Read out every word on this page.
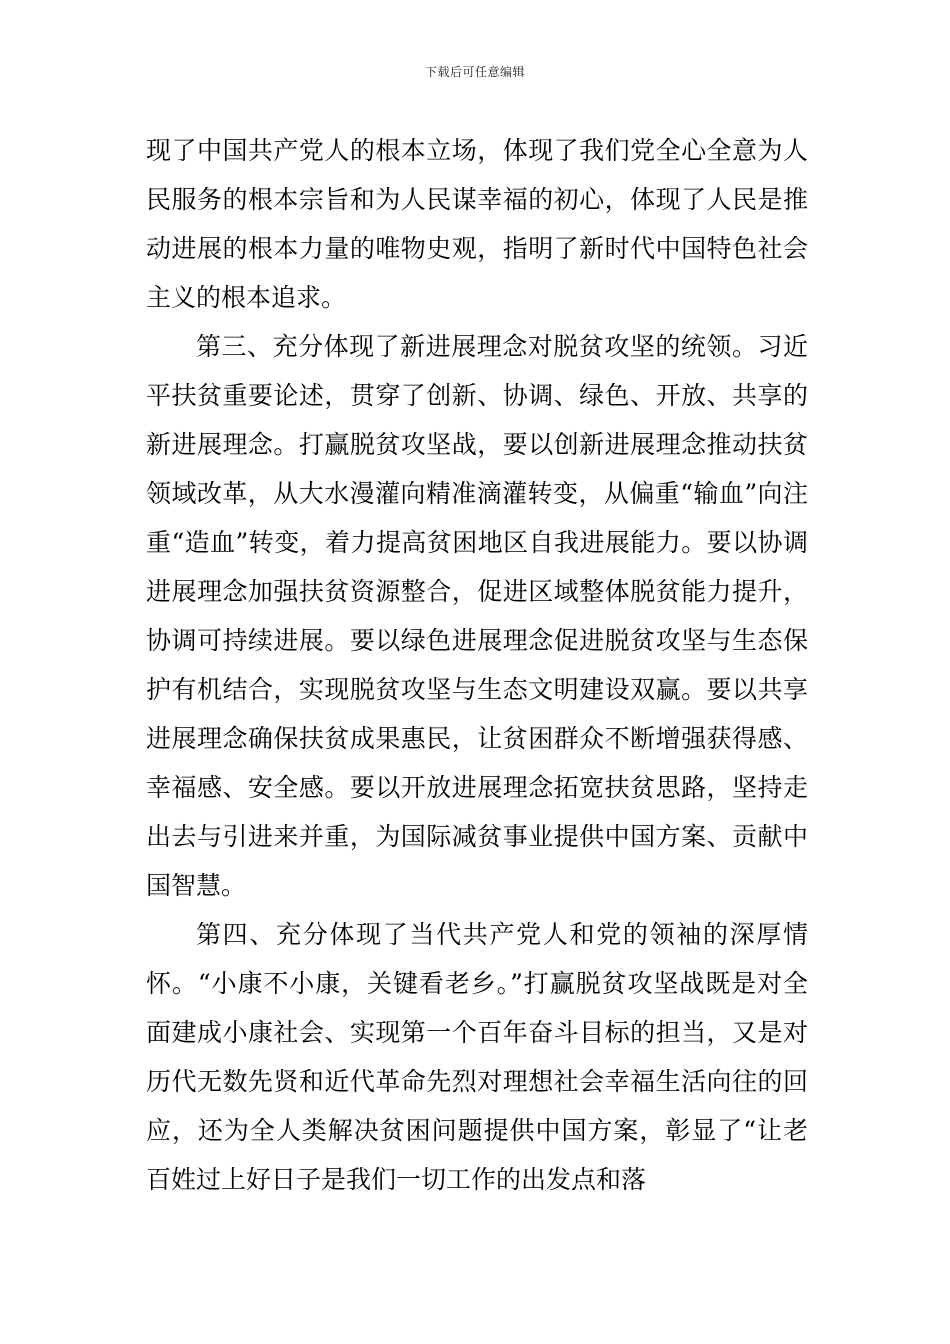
下载后可任意编辑

现了中国共产党人的根本立场，体现了我们党全心全意为人民服务的根本宗旨和为人民谋幸福的初心，体现了人民是推动进展的根本力量的唯物史观，指明了新时代中国特色社会主义的根本追求。

第三、充分体现了新进展理念对脱贫攻坚的统领。习近平扶贫重要论述，贯穿了创新、协调、绿色、开放、共享的新进展理念。打赢脱贫攻坚战，要以创新进展理念推动扶贫领域改革，从大水漫灌向精准滴灌转变，从偏重“输血”向注重“造血”转变，着力提高贫困地区自我进展能力。要以协调进展理念加强扶贫资源整合，促进区域整体脱贫能力提升，协调可持续进展。要以绿色进展理念促进脱贫攻坚与生态保护有机结合，实现脱贫攻坚与生态文明建设双赢。要以共享进展理念确保扶贫成果惠民，让贫困群众不断增强获得感、幸福感、安全感。要以开放进展理念拓宽扶贫思路，坚持走出去与引进来并重，为国际减贫事业提供中国方案、贡献中国智慧。

第四、充分体现了当代共产党人和党的领袖的深厚情怀。“小康不小康，关键看老乡。”打赢脱贫攻坚战既是对全面建成小康社会、实现第一个百年奋斗目标的担当，又是对历代无数先贤和近代革命先烈对理想社会幸福生活向往的回应，还为全人类解决贫困问题提供中国方案，彰显了“让老百姓过上好日子是我们一切工作的出发点和落
